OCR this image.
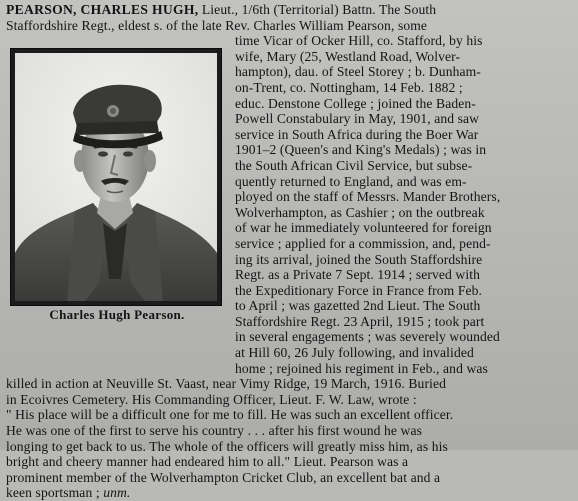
Charles Hugh Pearson.
PEARSON, CHARLES HUGH, Lieut., 1/6th (Territorial) Battn. The South
Staffordshire Regt., eldest s. of the late Rev. Charles William Pearson, some
time Vicar of Ocker Hill, co. Stafford, by his
wife, Mary (25, Westland Road, Wolver-
hampton), dau. of Steel Storey ; b. Dunham-
on-Trent, co. Nottingham, 14 Feb. 1882 ;
educ. Denstone College ; joined the Baden-
Powell Constabulary in May, 1901, and saw
service in South Africa during the Boer War
1901–2 (Queen's and King's Medals) ; was in
the South African Civil Service, but subse-
quently returned to England, and was em-
ployed on the staff of Messrs. Mander Brothers,
Wolverhampton, as Cashier ; on the outbreak
of war he immediately volunteered for foreign
service ; applied for a commission, and, pend-
ing its arrival, joined the South Staffordshire
Regt. as a Private 7 Sept. 1914 ; served with
the Expeditionary Force in France from Feb.
to April ; was gazetted 2nd Lieut. The South
Staffordshire Regt. 23 April, 1915 ; took part
in several engagements ; was severely wounded
at Hill 60, 26 July following, and invalided
home ; rejoined his regiment in Feb., and was
killed in action at Neuville St. Vaast, near Vimy Ridge, 19 March, 1916. Buried
in Ecoivres Cemetery. His Commanding Officer, Lieut. F. W. Law, wrote :
" His place will be a difficult one for me to fill. He was such an excellent officer.
He was one of the first to serve his country . . . after his first wound he was
longing to get back to us. The whole of the officers will greatly miss him, as his
bright and cheery manner had endeared him to all." Lieut. Pearson was a
prominent member of the Wolverhampton Cricket Club, an excellent bat and a
keen sportsman ; unm.
